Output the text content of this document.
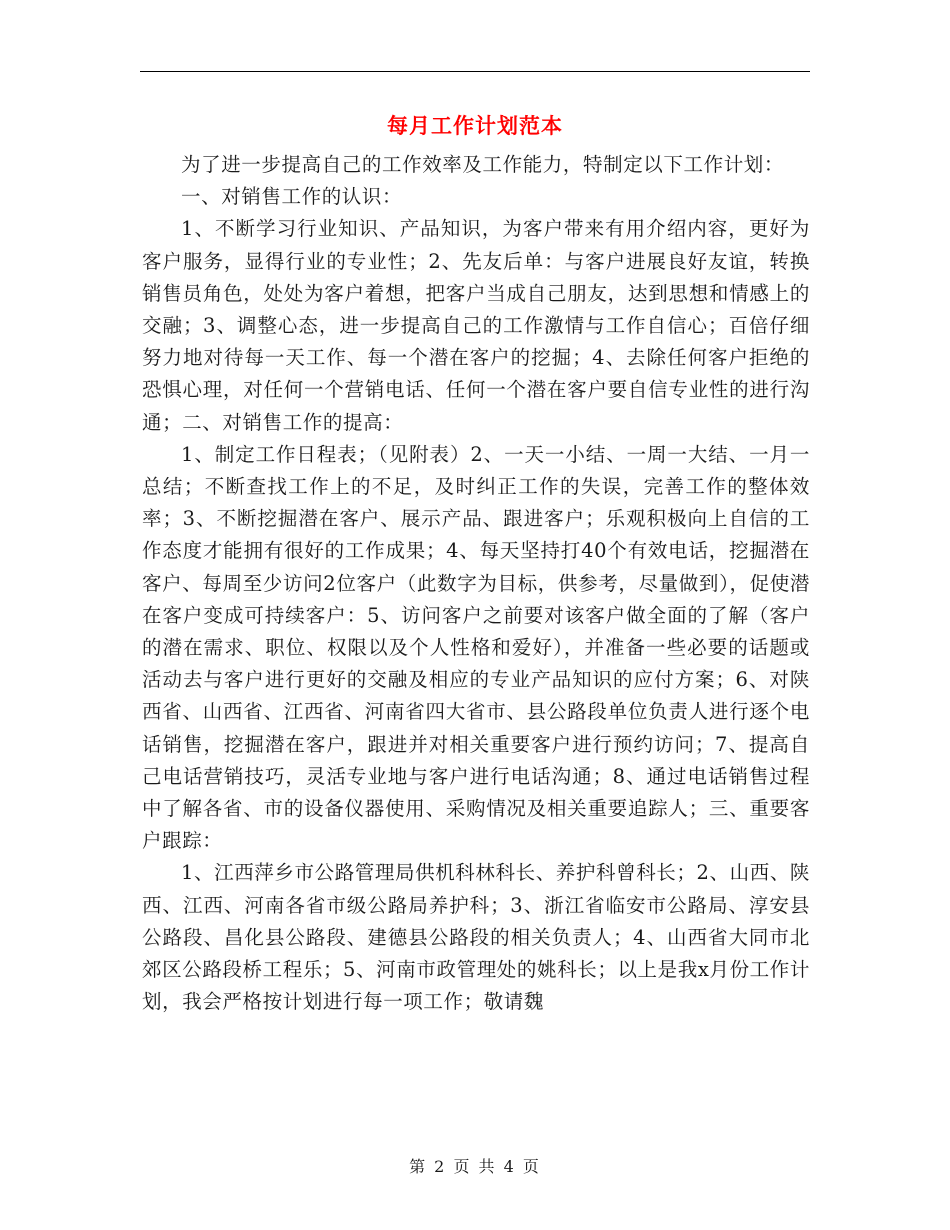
每月工作计划范本

为了进一步提高自己的工作效率及工作能力，特制定以下工作计划：

一、对销售工作的认识：

1、不断学习行业知识、产品知识，为客户带来有用介绍内容，更好为客户服务，显得行业的专业性；2、先友后单：与客户进展良好友谊，转换销售员角色，处处为客户着想，把客户当成自己朋友，达到思想和情感上的交融；3、调整心态，进一步提高自己的工作激情与工作自信心；百倍仔细努力地对待每一天工作、每一个潜在客户的挖掘；4、去除任何客户拒绝的恐惧心理，对任何一个营销电话、任何一个潜在客户要自信专业性的进行沟通；二、对销售工作的提高：

1、制定工作日程表；（见附表）2、一天一小结、一周一大结、一月一总结；不断查找工作上的不足，及时纠正工作的失误，完善工作的整体效率；3、不断挖掘潜在客户、展示产品、跟进客户；乐观积极向上自信的工作态度才能拥有很好的工作成果；4、每天坚持打40个有效电话，挖掘潜在客户、每周至少访问2位客户（此数字为目标，供参考，尽量做到），促使潜在客户变成可持续客户：5、访问客户之前要对该客户做全面的了解（客户的潜在需求、职位、权限以及个人性格和爱好），并准备一些必要的话题或活动去与客户进行更好的交融及相应的专业产品知识的应付方案；6、对陕西省、山西省、江西省、河南省四大省市、县公路段单位负责人进行逐个电话销售，挖掘潜在客户，跟进并对相关重要客户进行预约访问；7、提高自己电话营销技巧，灵活专业地与客户进行电话沟通；8、通过电话销售过程中了解各省、市的设备仪器使用、采购情况及相关重要追踪人；三、重要客户跟踪：

1、江西萍乡市公路管理局供机科林科长、养护科曾科长；2、山西、陕西、江西、河南各省市级公路局养护科；3、浙江省临安市公路局、淳安县公路段、昌化县公路段、建德县公路段的相关负责人；4、山西省大同市北郊区公路段桥工程乐；5、河南市政管理处的姚科长；以上是我x月份工作计划，我会严格按计划进行每一项工作；敬请魏

第 2 页 共 4 页
